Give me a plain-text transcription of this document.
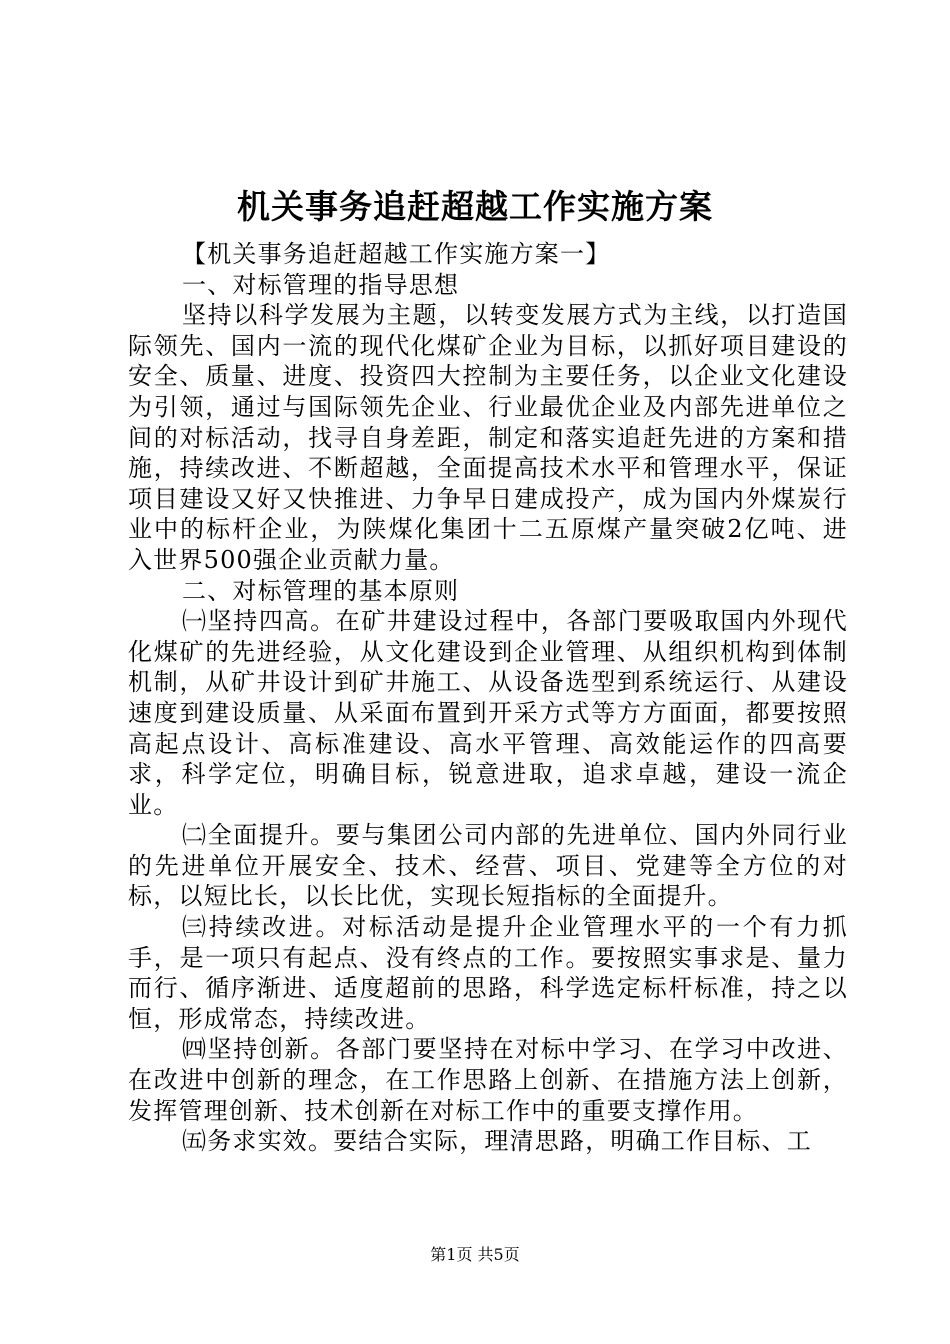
机关事务追赶超越工作实施方案

【机关事务追赶超越工作实施方案一】

一、对标管理的指导思想

坚持以科学发展为主题，以转变发展方式为主线，以打造国际领先、国内一流的现代化煤矿企业为目标，以抓好项目建设的安全、质量、进度、投资四大控制为主要任务，以企业文化建设为引领，通过与国际领先企业、行业最优企业及内部先进单位之间的对标活动，找寻自身差距，制定和落实追赶先进的方案和措施，持续改进、不断超越，全面提高技术水平和管理水平，保证项目建设又好又快推进、力争早日建成投产，成为国内外煤炭行业中的标杆企业，为陕煤化集团十二五原煤产量突破2亿吨、进入世界500强企业贡献力量。

二、对标管理的基本原则

㈠坚持四高。在矿井建设过程中，各部门要吸取国内外现代化煤矿的先进经验，从文化建设到企业管理、从组织机构到体制机制，从矿井设计到矿井施工、从设备选型到系统运行、从建设速度到建设质量、从采面布置到开采方式等方方面面，都要按照高起点设计、高标准建设、高水平管理、高效能运作的四高要求，科学定位，明确目标，锐意进取，追求卓越，建设一流企业。

㈡全面提升。要与集团公司内部的先进单位、国内外同行业的先进单位开展安全、技术、经营、项目、党建等全方位的对标，以短比长，以长比优，实现长短指标的全面提升。

㈢持续改进。对标活动是提升企业管理水平的一个有力抓手，是一项只有起点、没有终点的工作。要按照实事求是、量力而行、循序渐进、适度超前的思路，科学选定标杆标准，持之以恒，形成常态，持续改进。

㈣坚持创新。各部门要坚持在对标中学习、在学习中改进、在改进中创新的理念，在工作思路上创新、在措施方法上创新，发挥管理创新、技术创新在对标工作中的重要支撑作用。

㈤务求实效。要结合实际，理清思路，明确工作目标、工

第1页 共5页
